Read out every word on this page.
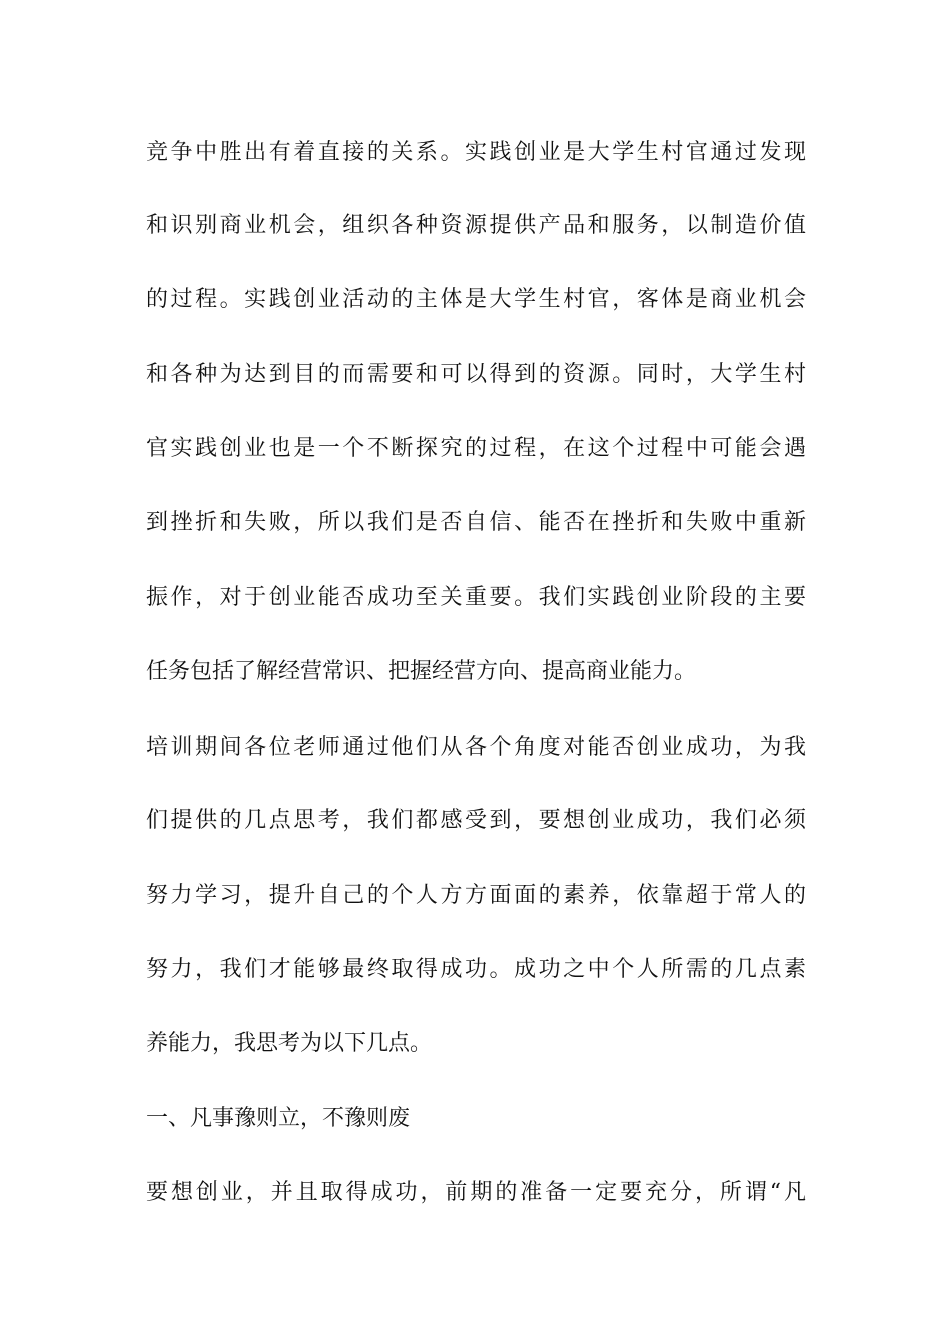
竞争中胜出有着直接的关系。实践创业是大学生村官通过发现
和识别商业机会，组织各种资源提供产品和服务，以制造价值
的过程。实践创业活动的主体是大学生村官，客体是商业机会
和各种为达到目的而需要和可以得到的资源。同时，大学生村
官实践创业也是一个不断探究的过程，在这个过程中可能会遇
到挫折和失败，所以我们是否自信、能否在挫折和失败中重新
振作，对于创业能否成功至关重要。我们实践创业阶段的主要
任务包括了解经营常识、把握经营方向、提高商业能力。
培训期间各位老师通过他们从各个角度对能否创业成功，为我
们提供的几点思考，我们都感受到，要想创业成功，我们必须
努力学习，提升自己的个人方方面面的素养，依靠超于常人的
努力，我们才能够最终取得成功。成功之中个人所需的几点素
养能力，我思考为以下几点。
一、凡事豫则立，不豫则废
要想创业，并且取得成功，前期的准备一定要充分，所谓“凡
